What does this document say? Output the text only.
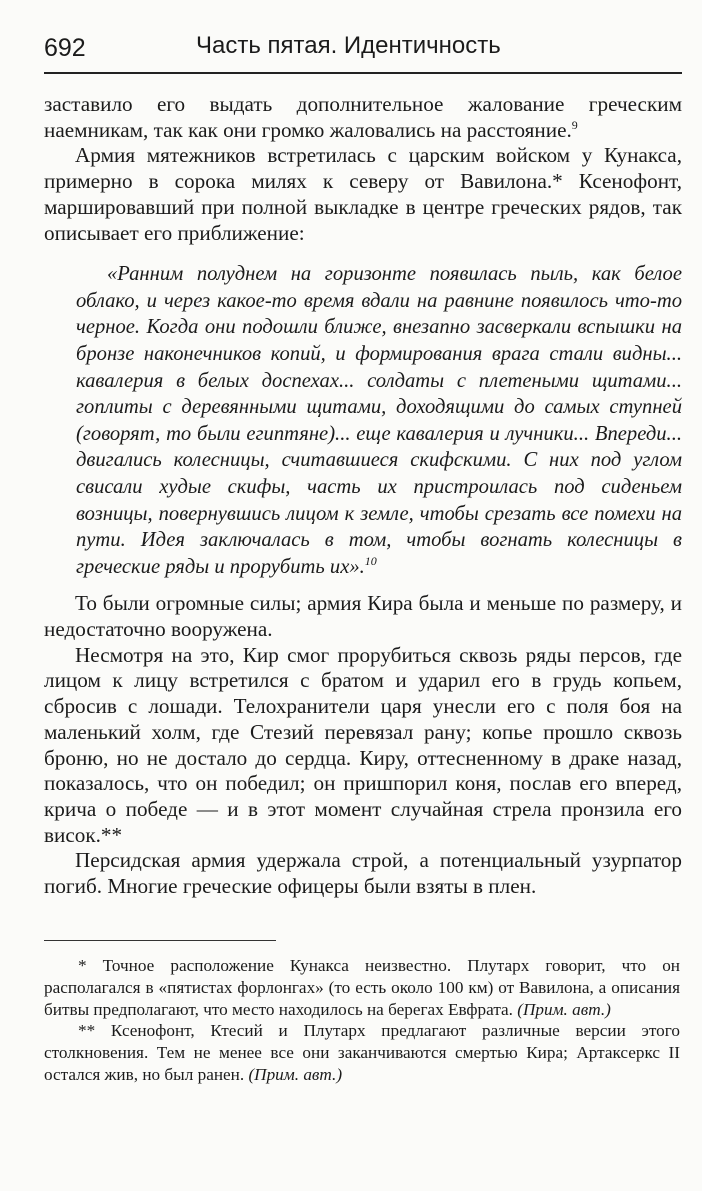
692	Часть пятая. Идентичность

заставило его выдать дополнительное жалование греческим наемникам, так как они громко жаловались на расстояние.$^9$

Армия мятежников встретилась с царским войском у Кунакса, примерно в сорока милях к северу от Вавилона.* Ксенофонт, маршировавший при полной выкладке в центре греческих рядов, так описывает его приближение:

«Ранним полуднем на горизонте появилась пыль, как белое облако, и через какое-то время вдали на равнине появилось что-то черное. Когда они подошли ближе, внезапно засверкали вспышки на бронзе наконечников копий, и формирования врага стали видны... кавалерия в белых доспехах... солдаты с плетеными щитами... гоплиты с деревянными щитами, доходящими до самых ступней (говорят, то были египтяне)... еще кавалерия и лучники... Впереди... двигались колесницы, считавшиеся скифскими. С них под углом свисали худые скифы, часть их пристроилась под сиденьем возницы, повернувшись лицом к земле, чтобы срезать все помехи на пути. Идея заключалась в том, чтобы вогнать колесницы в греческие ряды и прорубить их».$^{10}$

То были огромные силы; армия Кира была и меньше по размеру, и недостаточно вооружена.

Несмотря на это, Кир смог прорубиться сквозь ряды персов, где лицом к лицу встретился с братом и ударил его в грудь копьем, сбросив с лошади. Телохранители царя унесли его с поля боя на маленький холм, где Стезий перевязал рану; копье прошло сквозь броню, но не достало до сердца. Киру, оттесненному в драке назад, показалось, что он победил; он пришпорил коня, послав его вперед, крича о победе — и в этот момент случайная стрела пронзила его висок.**

Персидская армия удержала строй, а потенциальный узурпатор погиб. Многие греческие офицеры были взяты в плен.

* Точное расположение Кунакса неизвестно. Плутарх говорит, что он располагался в «пятистах форлонгах» (то есть около 100 км) от Вавилона, а описания битвы предполагают, что место находилось на берегах Евфрата. (Прим. авт.)

** Ксенофонт, Ктесий и Плутарх предлагают различные версии этого столкновения. Тем не менее все они заканчиваются смертью Кира; Артаксеркс II остался жив, но был ранен. (Прим. авт.)
